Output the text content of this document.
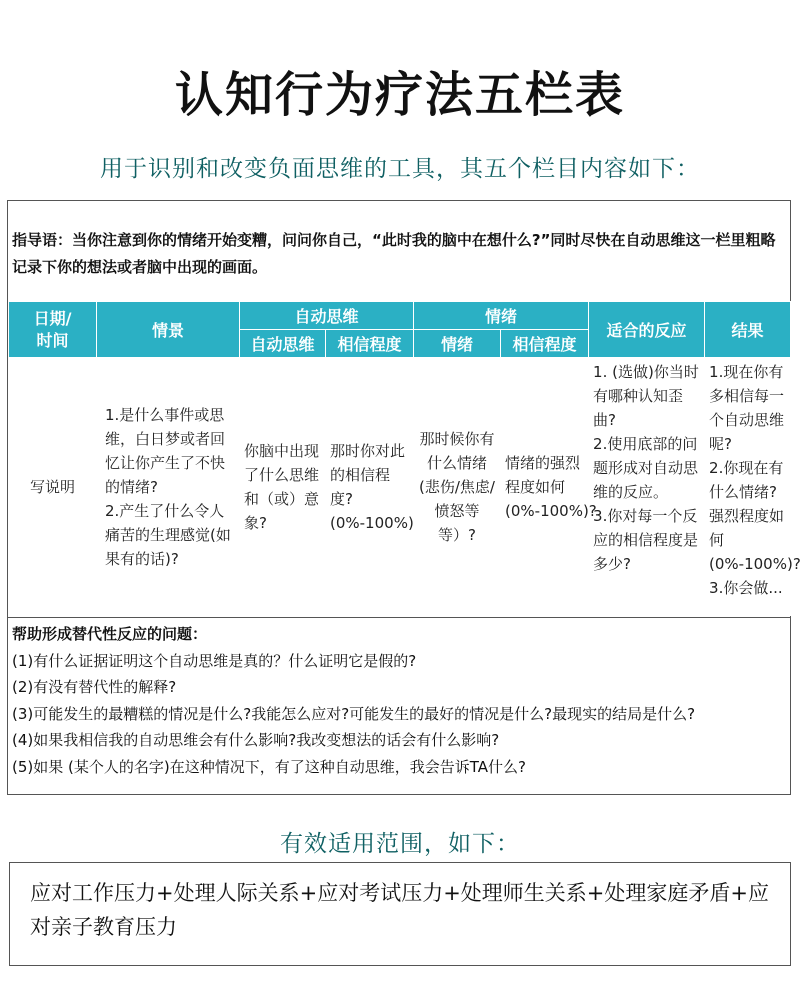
认知行为疗法五栏表
用于识别和改变负面思维的工具，其五个栏目内容如下：
指导语：当你注意到你的情绪开始变糟，问问你自己，“此时我的脑中在想什么?”同时尽快在自动思维这一栏里粗略记录下你的想法或者脑中出现的画面。
日期/时间	情景	自动思维		情绪		适合的反应	结果
		自动思维	相信程度	情绪	相信程度		

写说明	1.是什么事件或思维，白日梦或者回忆让你产生了不快的情绪?
2.产生了什么令人痛苦的生理感觉(如果有的话)?	你脑中出现了什么思维和（或）意象?	那时你对此的相信程度?(0%-100%)	那时候你有什么情绪(悲伤/焦虑/愤怒等等）?	情绪的强烈程度如何(0%-100%)?	1. (选做)你当时有哪种认知歪曲?
2.使用底部的问题形成对自动思维的反应。
3.你对每一个反应的相信程度是多少?	1.现在你有多相信每一个自动思维呢?
2.你现在有什么情绪?强烈程度如何(0%-100%)?
3.你会做...
帮助形成替代性反应的问题：
(1)有什么证据证明这个自动思维是真的？什么证明它是假的?
(2)有没有替代性的解释?
(3)可能发生的最糟糕的情况是什么?我能怎么应对?可能发生的最好的情况是什么?最现实的结局是什么?
(4)如果我相信我的自动思维会有什么影响?我改变想法的话会有什么影响?
(5)如果 (某个人的名字)在这种情况下，有了这种自动思维，我会告诉TA什么?
有效适用范围，如下：
应对工作压力+处理人际关系+应对考试压力+处理师生关系+处理家庭矛盾+应对亲子教育压力
